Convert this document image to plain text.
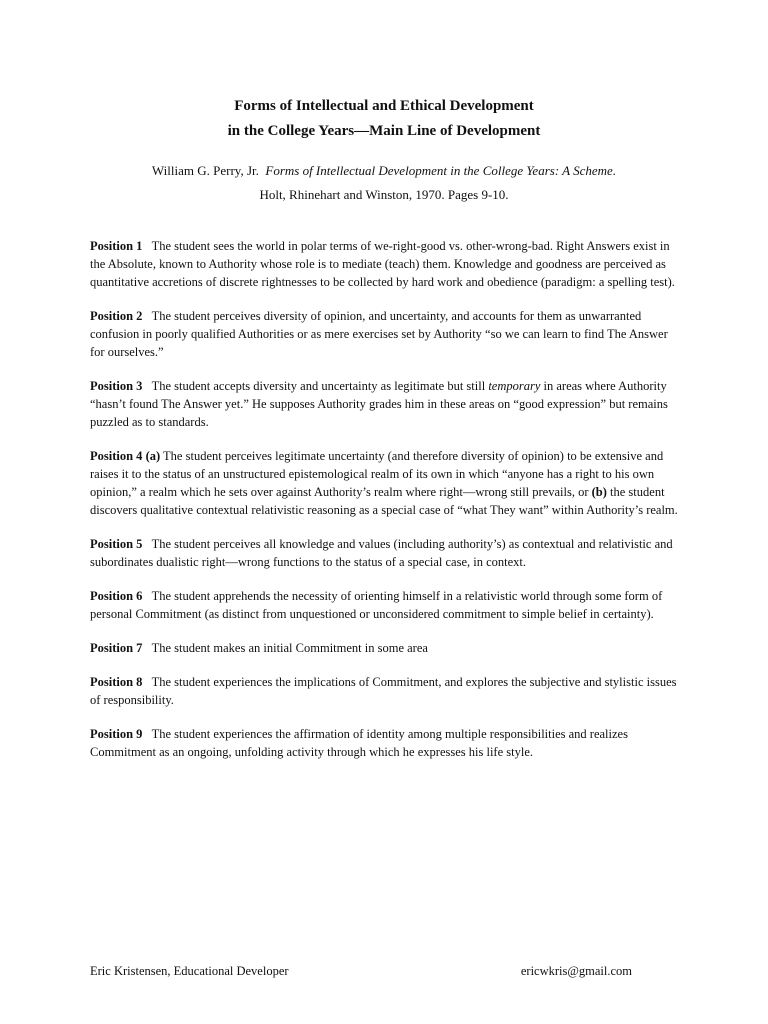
Forms of Intellectual and Ethical Development
in the College Years—Main Line of Development
William G. Perry, Jr. Forms of Intellectual Development in the College Years: A Scheme.
Holt, Rhinehart and Winston, 1970. Pages 9-10.

Position 1 The student sees the world in polar terms of we-right-good vs. other-wrong-bad. Right Answers exist in the Absolute, known to Authority whose role is to mediate (teach) them. Knowledge and goodness are perceived as quantitative accretions of discrete rightnesses to be collected by hard work and obedience (paradigm: a spelling test).

Position 2 The student perceives diversity of opinion, and uncertainty, and accounts for them as unwarranted confusion in poorly qualified Authorities or as mere exercises set by Authority “so we can learn to find The Answer for ourselves.”

Position 3 The student accepts diversity and uncertainty as legitimate but still temporary in areas where Authority “hasn’t found The Answer yet.” He supposes Authority grades him in these areas on “good expression” but remains puzzled as to standards.

Position 4 (a) The student perceives legitimate uncertainty (and therefore diversity of opinion) to be extensive and raises it to the status of an unstructured epistemological realm of its own in which “anyone has a right to his own opinion,” a realm which he sets over against Authority’s realm where right—wrong still prevails, or (b) the student discovers qualitative contextual relativistic reasoning as a special case of “what They want” within Authority’s realm.

Position 5 The student perceives all knowledge and values (including authority’s) as contextual and relativistic and subordinates dualistic right—wrong functions to the status of a special case, in context.

Position 6 The student apprehends the necessity of orienting himself in a relativistic world through some form of personal Commitment (as distinct from unquestioned or unconsidered commitment to simple belief in certainty).

Position 7 The student makes an initial Commitment in some area

Position 8 The student experiences the implications of Commitment, and explores the subjective and stylistic issues of responsibility.

Position 9 The student experiences the affirmation of identity among multiple responsibilities and realizes Commitment as an ongoing, unfolding activity through which he expresses his life style.

Eric Kristensen, Educational Developer	ericwkris@gmail.com
